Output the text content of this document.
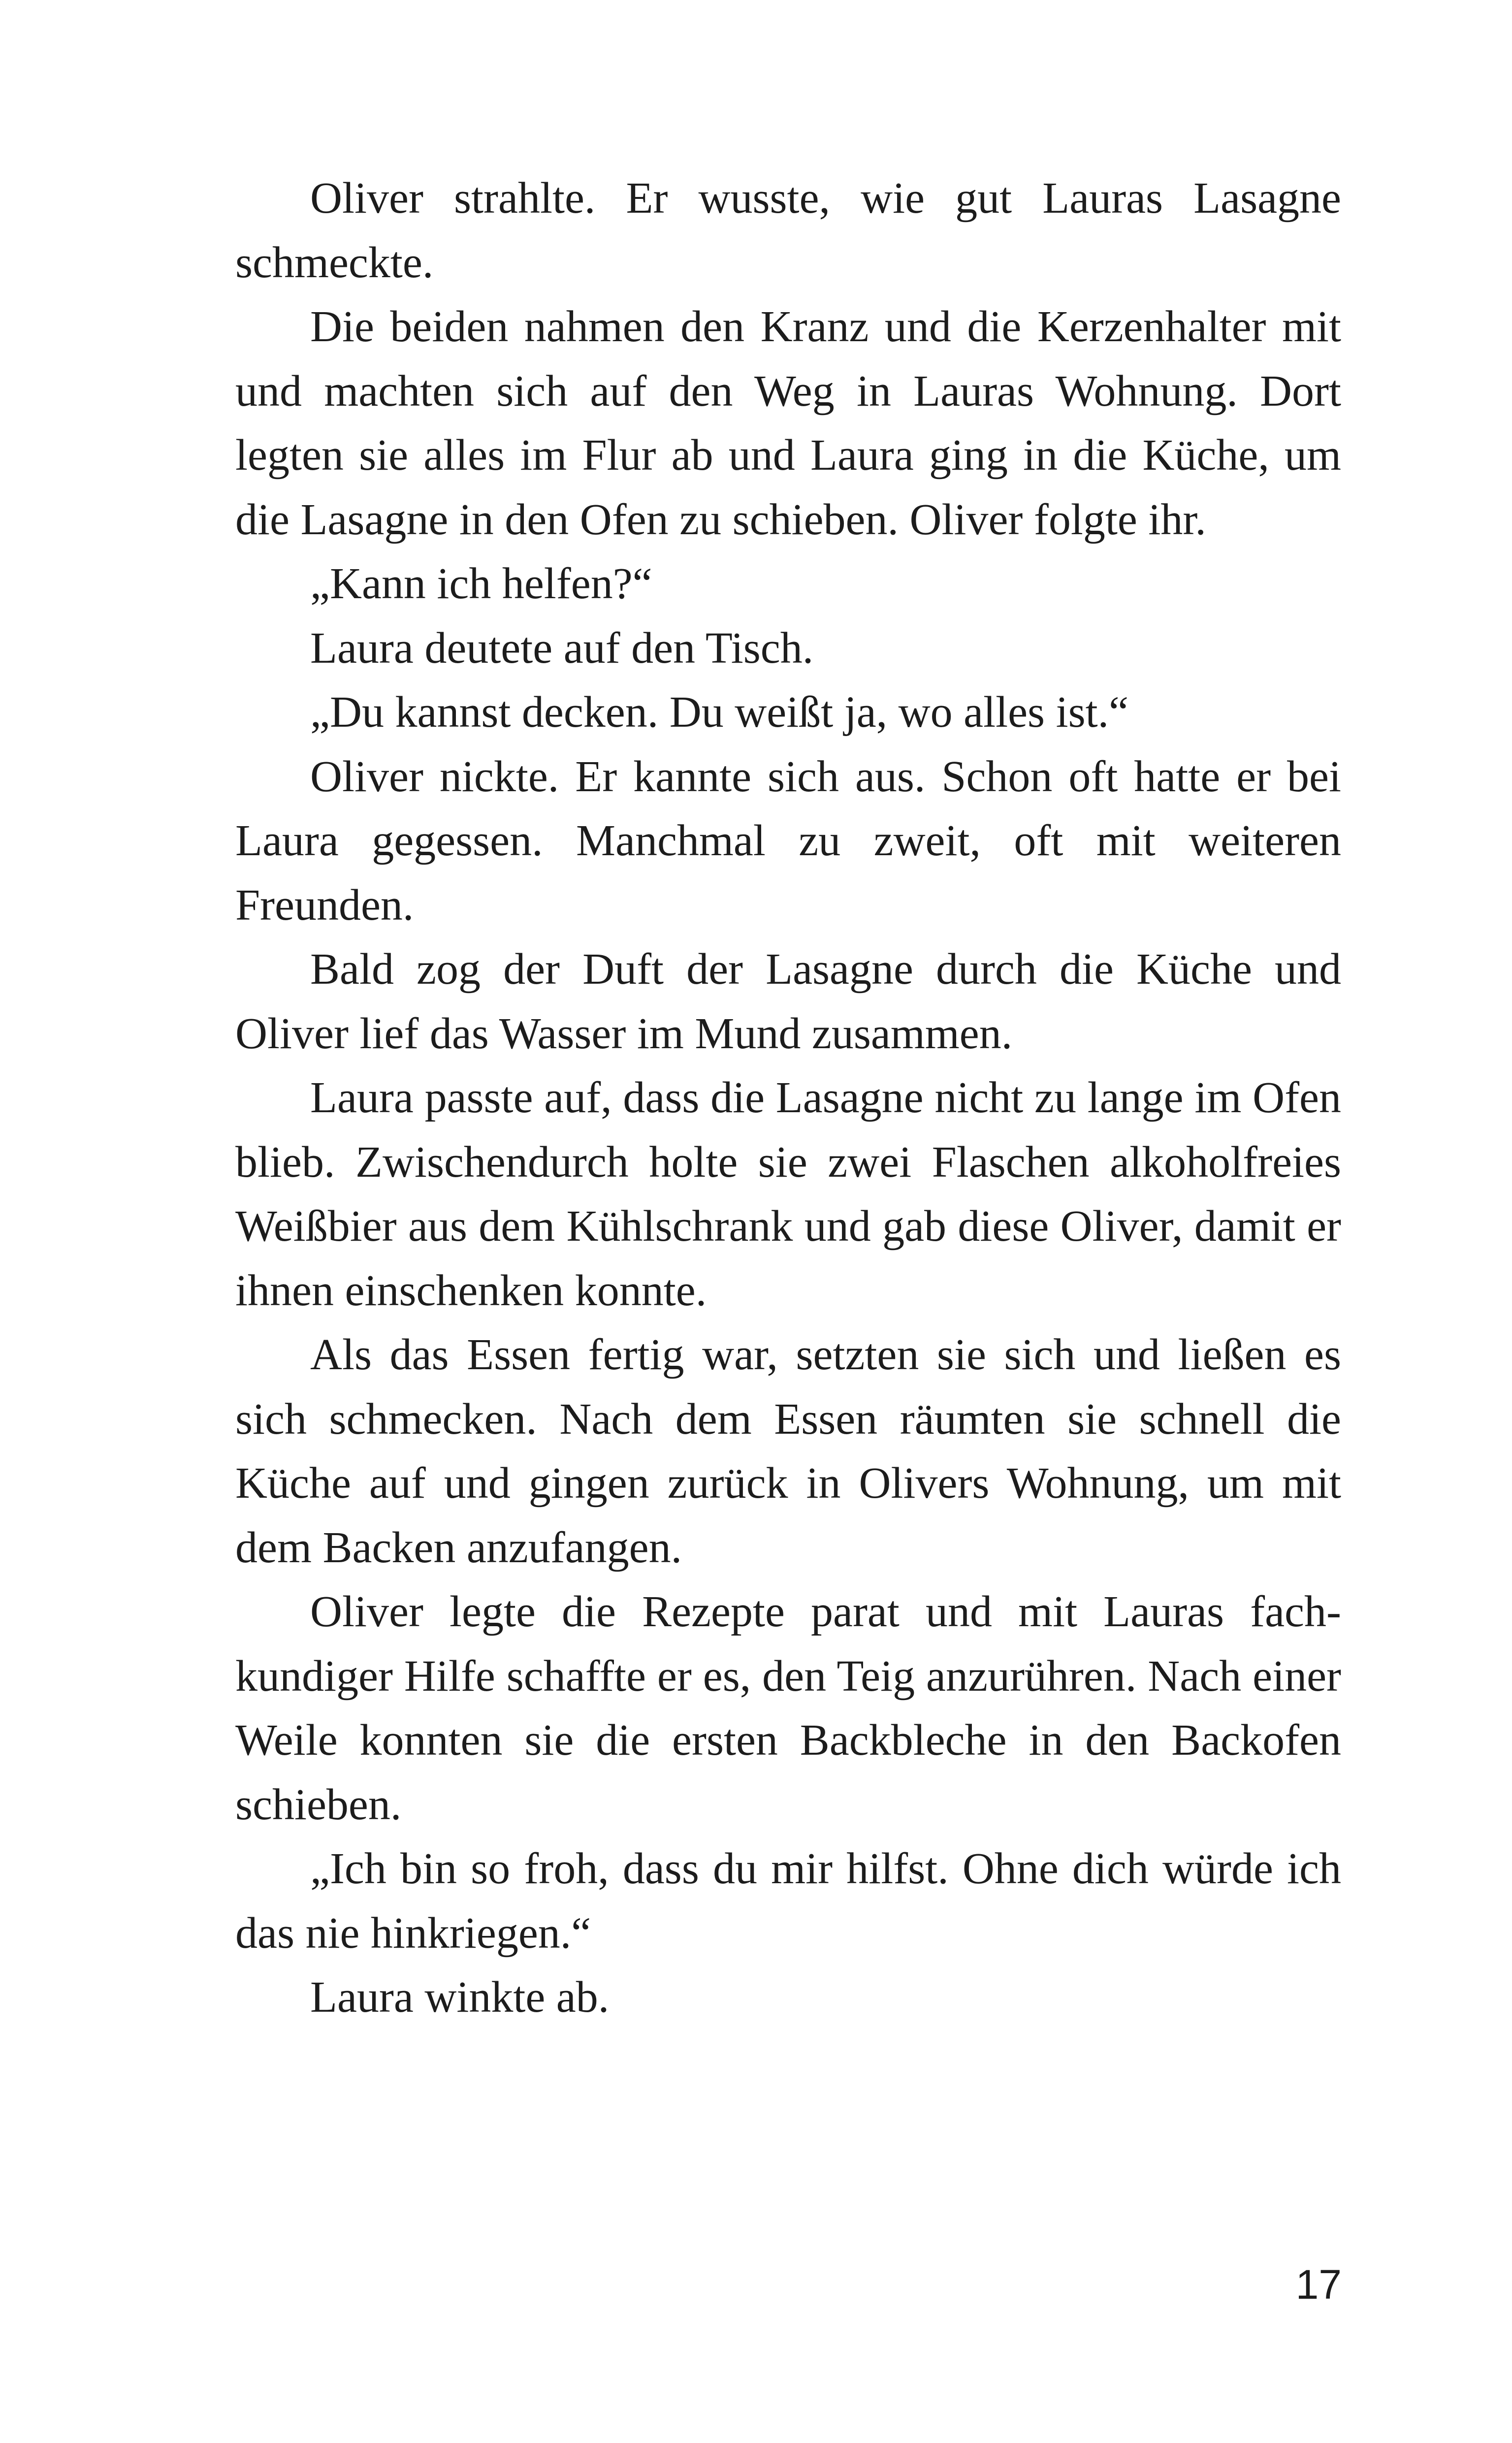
Oliver strahlte. Er wusste, wie gut Lauras Lasagne schmeckte.

Die beiden nahmen den Kranz und die Kerzenhalter mit und machten sich auf den Weg in Lauras Wohnung. Dort legten sie alles im Flur ab und Laura ging in die Küche, um die Lasagne in den Ofen zu schieben. Oliver folgte ihr.

„Kann ich helfen?“

Laura deutete auf den Tisch.

„Du kannst decken. Du weißt ja, wo alles ist.“

Oliver nickte. Er kannte sich aus. Schon oft hatte er bei Laura gegessen. Manchmal zu zweit, oft mit weiteren Freunden.

Bald zog der Duft der Lasagne durch die Küche und Oliver lief das Wasser im Mund zusammen.

Laura passte auf, dass die Lasagne nicht zu lange im Ofen blieb. Zwischendurch holte sie zwei Flaschen alkoholfreies Weißbier aus dem Kühlschrank und gab diese Oliver, damit er ihnen einschenken konnte.

Als das Essen fertig war, setzten sie sich und ließen es sich schmecken. Nach dem Essen räumten sie schnell die Küche auf und gingen zurück in Olivers Wohnung, um mit dem Backen anzufangen.

Oliver legte die Rezepte parat und mit Lauras fachkundiger Hilfe schaffte er es, den Teig anzurühren. Nach einer Weile konnten sie die ersten Backbleche in den Backofen schieben.

„Ich bin so froh, dass du mir hilfst. Ohne dich würde ich das nie hinkriegen.“

Laura winkte ab.

17
